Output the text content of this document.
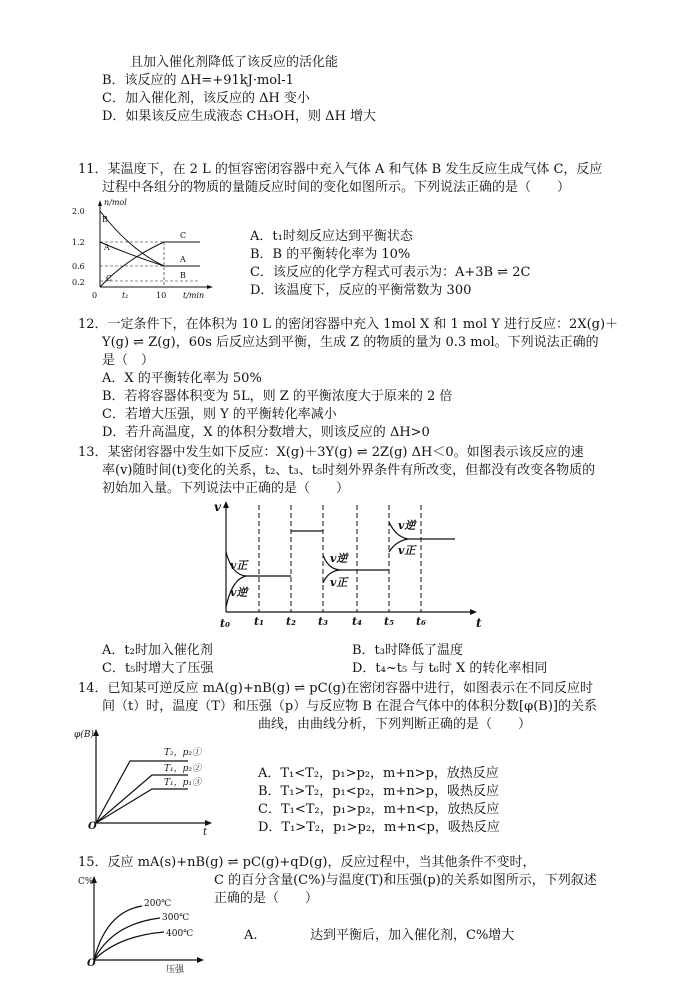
且加入催化剂降低了该反应的活化能
B．该反应的 ΔH=+91kJ·mol-1
C．加入催化剂，该反应的 ΔH 变小
D．如果该反应生成液态 CH₃OH，则 ΔH 增大
11．某温度下，在 2 L 的恒容密闭容器中充入气体 A 和气体 B 发生反应生成气体 C，反应
过程中各组分的物质的量随反应时间的变化如图所示。下列说法正确的是（　　）
n/mol
t/min
2.0
1.2
0.6
0.2
0	t₁	10
B
A
C
C
A
B
A．t₁时刻反应达到平衡状态
B．B 的平衡转化率为 10%
C．该反应的化学方程式可表示为：A+3B ⇌ 2C
D．该温度下，反应的平衡常数为 300
12．一定条件下，在体积为 10 L 的密闭容器中充入 1mol X 和 1 mol Y 进行反应：2X(g)＋
Y(g) ⇌ Z(g)，60s 后反应达到平衡，生成 Z 的物质的量为 0.3 mol。下列说法正确的
是（　）
A．X 的平衡转化率为 50%
B．若将容器体积变为 5L，则 Z 的平衡浓度大于原来的 2 倍
C．若增大压强，则 Y 的平衡转化率减小
D．若升高温度，X 的体积分数增大，则该反应的 ΔH>0
13．某密闭容器中发生如下反应：X(g)＋3Y(g) ⇌ 2Z(g) ΔH＜0。如图表示该反应的速
率(v)随时间(t)变化的关系，t₂、t₃、t₅时刻外界条件有所改变，但都没有改变各物质的
初始加入量。下列说法中正确的是（　　）
v
t
t₀ t₁ t₂ t₃ t₄ t₅ t₆
v正
v逆
v逆
v正
v逆
v正
A．t₂时加入催化剂	B．t₃时降低了温度
C．t₅时增大了压强	D．t₄~t₅ 与 t₆时 X 的转化率相同
14．已知某可逆反应 mA(g)+nB(g) ⇌ pC(g)在密闭容器中进行，如图表示在不同反应时
间（t）时，温度（T）和压强（p）与反应物 B 在混合气体中的体积分数[φ(B)]的关系
曲线，由曲线分析，下列判断正确的是（　　）
φ(B)
t
O
T₂，p₂①
T₁，p₂②
T₁，p₁③
A．T₁<T₂，p₁>p₂，m+n>p，放热反应
B．T₁>T₂，p₁<p₂，m+n>p，吸热反应
C．T₁<T₂，p₁>p₂，m+n<p，放热反应
D．T₁>T₂，p₁>p₂，m+n<p，吸热反应
15．反应 mA(s)+nB(g) ⇌ pC(g)+qD(g)，反应过程中，当其他条件不变时，
C 的百分含量(C%)与温度(T)和压强(p)的关系如图所示，下列叙述
正确的是（　　）
C%
压强
O
200℃
300℃
400℃	A.	达到平衡后，加入催化剂，C%增大
